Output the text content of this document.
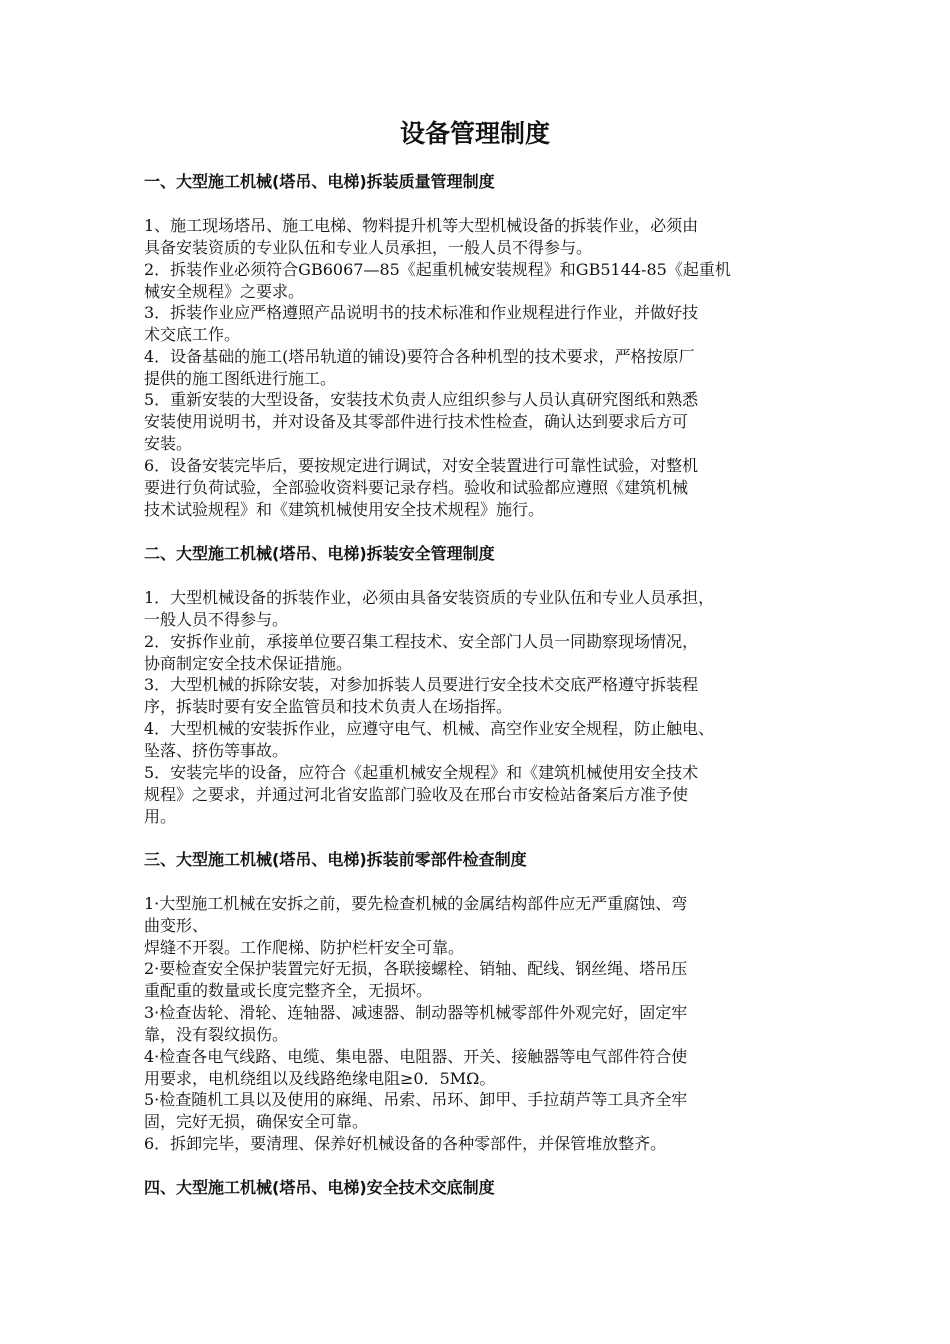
设备管理制度
一、大型施工机械(塔吊、电梯)拆装质量管理制度
1、施工现场塔吊、施工电梯、物料提升机等大型机械设备的拆装作业，必须由
具备安装资质的专业队伍和专业人员承担，一般人员不得参与。
2．拆装作业必须符合GB6067—85《起重机械安装规程》和GB5144-85《起重机
械安全规程》之要求。
3．拆装作业应严格遵照产品说明书的技术标准和作业规程进行作业，并做好技
术交底工作。
4．设备基础的施工(塔吊轨道的铺设)要符合各种机型的技术要求，严格按原厂
提供的施工图纸进行施工。
5．重新安装的大型设备，安装技术负责人应组织参与人员认真研究图纸和熟悉
安装使用说明书，并对设备及其零部件进行技术性检查，确认达到要求后方可
安装。
6．设备安装完毕后，要按规定进行调试，对安全装置进行可靠性试验，对整机
要进行负荷试验，全部验收资料要记录存档。验收和试验都应遵照《建筑机械
技术试验规程》和《建筑机械使用安全技术规程》施行。
二、大型施工机械(塔吊、电梯)拆装安全管理制度
1．大型机械设备的拆装作业，必须由具备安装资质的专业队伍和专业人员承担，
一般人员不得参与。
2．安拆作业前，承接单位要召集工程技术、安全部门人员一同勘察现场情况，
协商制定安全技术保证措施。
3．大型机械的拆除安装，对参加拆装人员要进行安全技术交底严格遵守拆装程
序，拆装时要有安全监管员和技术负责人在场指挥。
4．大型机械的安装拆作业，应遵守电气、机械、高空作业安全规程，防止触电、
坠落、挤伤等事故。
5．安装完毕的设备，应符合《起重机械安全规程》和《建筑机械使用安全技术
规程》之要求，并通过河北省安监部门验收及在邢台市安检站备案后方准予使
用。
三、大型施工机械(塔吊、电梯)拆装前零部件检查制度
1·大型施工机械在安拆之前，要先检查机械的金属结构部件应无严重腐蚀、弯
曲变形、
焊缝不开裂。工作爬梯、防护栏杆安全可靠。
2·要检查安全保护装置完好无损，各联接螺栓、销轴、配线、钢丝绳、塔吊压
重配重的数量或长度完整齐全，无损坏。
3·检查齿轮、滑轮、连轴器、减速器、制动器等机械零部件外观完好，固定牢
靠，没有裂纹损伤。
4·检查各电气线路、电缆、集电器、电阻器、开关、接触器等电气部件符合使
用要求，电机绕组以及线路绝缘电阻≥0．5MΩ。
5·检查随机工具以及使用的麻绳、吊索、吊环、卸甲、手拉葫芦等工具齐全牢
固，完好无损，确保安全可靠。
6．拆卸完毕，要清理、保养好机械设备的各种零部件，并保管堆放整齐。
四、大型施工机械(塔吊、电梯)安全技术交底制度
